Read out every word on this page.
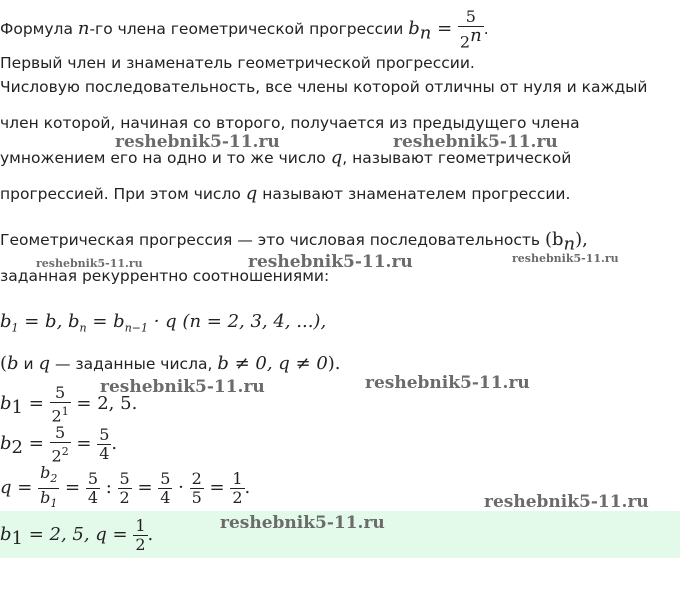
Формула n-го члена геометрической прогрессии $b_n = \frac{5}{2^n}$ .
Первый член и знаменатель геометрической прогрессии.
Числовую последовательность, все члены которой отличны от нуля и каждый
член которой, начиная со второго, получается из предыдущего члена
умножением его на одно и то же число q, называют геометрической
прогрессией. При этом число q называют знаменателем прогрессии.
Геометрическая прогрессия — это числовая последовательность $(b_n)$,
заданная рекуррентно соотношениями:
$b_1 = b$, $b_n = b_{n-1} \cdot q$ (n = 2, 3, 4, ...),
(b и q — заданные числа, b ≠ 0, q ≠ 0).
$b_1 = \frac{5}{2^1} = 2$, 5.
$b_2 = \frac{5}{2^2} = \frac{5}{4}$ .
$q = \frac{b_2}{b_1} = \frac{5}{4}$ : $\frac{5}{2} = \frac{5}{4} \cdot \frac{2}{5} = \frac{1}{2}$ .
$b_1 = 2$, 5, $q = \frac{1}{2}$ .
reshebnik5-11.ru	reshebnik5-11.ru
reshebnik5-11.ru	reshebnik5-11.ru	reshebnik5-11.ru
reshebnik5-11.ru	reshebnik5-11.ru
reshebnik5-11.ru
reshebnik5-11.ru
